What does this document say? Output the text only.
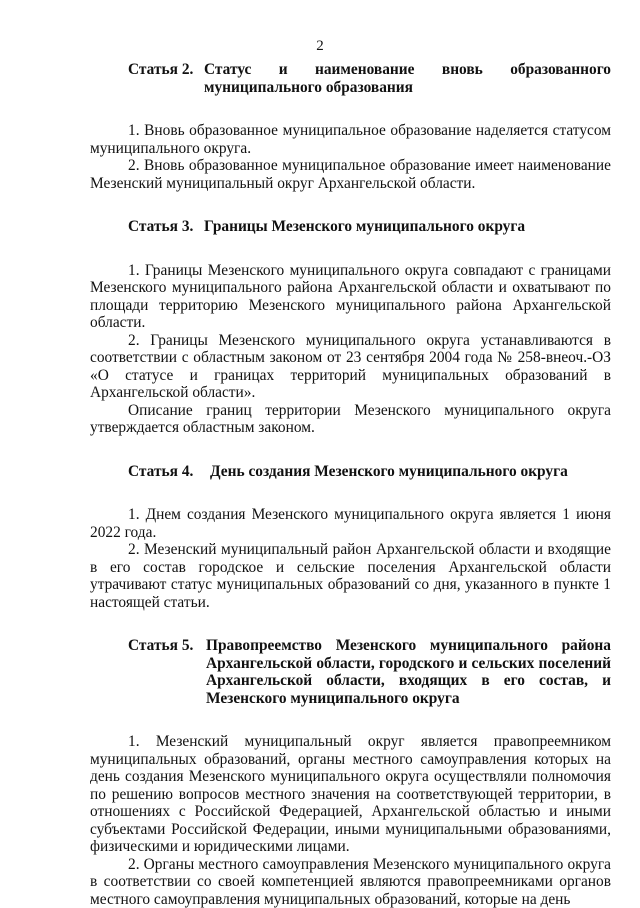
2
Статья 2. Статус и наименование вновь образованного муниципального образования

1. Вновь образованное муниципальное образование наделяется статусом муниципального округа.

2. Вновь образованное муниципальное образование имеет наименование Мезенский муниципальный округ Архангельской области.

Статья 3. Границы Мезенского муниципального округа

1. Границы Мезенского муниципального округа совпадают с границами Мезенского муниципального района Архангельской области и охватывают по площади территорию Мезенского муниципального района Архангельской области.

2. Границы Мезенского муниципального округа устанавливаются в соответствии с областным законом от 23 сентября 2004 года № 258-внеоч.-ОЗ «О статусе и границах территорий муниципальных образований в Архангельской области».

Описание границ территории Мезенского муниципального округа утверждается областным законом.

Статья 4.	День создания Мезенского муниципального округа

1. Днем создания Мезенского муниципального округа является 1 июня 2022 года.

2. Мезенский муниципальный район Архангельской области и входящие в его состав городское и сельские поселения Архангельской области утрачивают статус муниципальных образований со дня, указанного в пункте 1 настоящей статьи.

Статья 5. Правопреемство Мезенского муниципального района Архангельской области, городского и сельских поселений Архангельской области, входящих в его состав, и Мезенского муниципального округа

1. Мезенский муниципальный округ является правопреемником муниципальных образований, органы местного самоуправления которых на день создания Мезенского муниципального округа осуществляли полномочия по решению вопросов местного значения на соответствующей территории, в отношениях с Российской Федерацией, Архангельской областью и иными субъектами Российской Федерации, иными муниципальными образованиями, физическими и юридическими лицами.

2. Органы местного самоуправления Мезенского муниципального округа в соответствии со своей компетенцией являются правопреемниками органов местного самоуправления муниципальных образований, которые на день
